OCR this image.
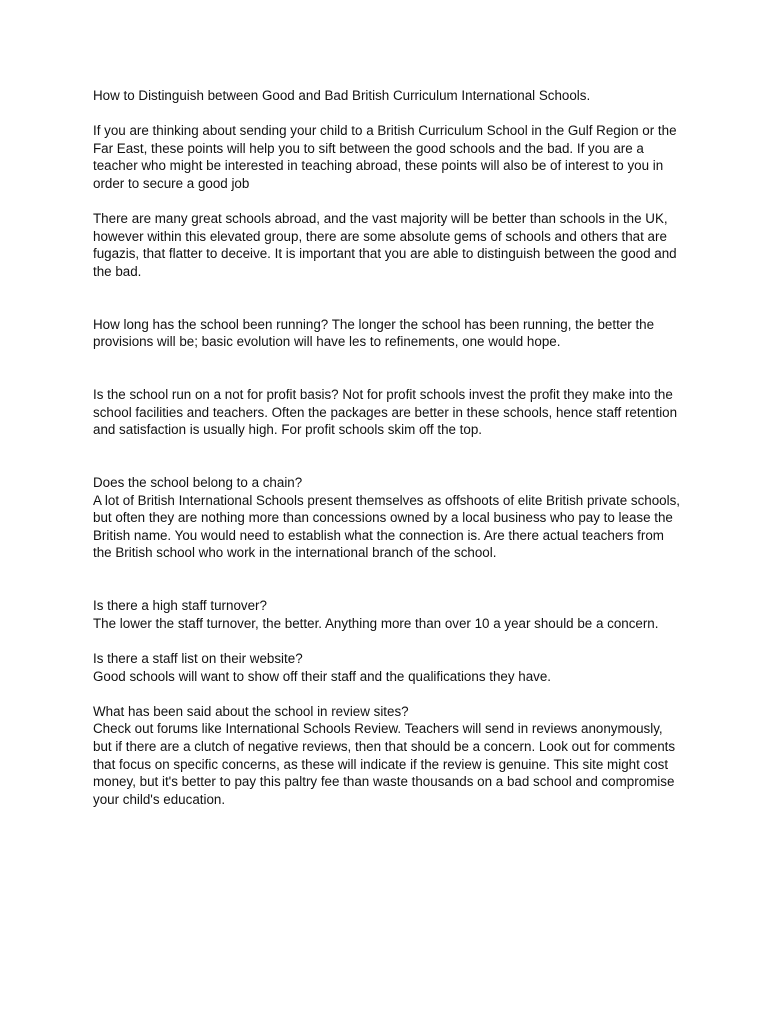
How to Distinguish between Good and Bad British Curriculum International Schools.

If you are thinking about sending your child to a British Curriculum School in the Gulf Region or the Far East, these points will help you to sift between the good schools and the bad. If you are a teacher who might be interested in teaching abroad, these points will also be of interest to you in order to secure a good job

There are many great schools abroad, and the vast majority will be better than schools in the UK, however within this elevated group, there are some absolute gems of schools and others that are fugazis, that flatter to deceive. It is important that you are able to distinguish between the good and the bad.

How long has the school been running? The longer the school has been running, the better the provisions will be; basic evolution will have les to refinements, one would hope.

Is the school run on a not for profit basis? Not for profit schools invest the profit they make into the school facilities and teachers. Often the packages are better in these schools, hence staff retention and satisfaction is usually high. For profit schools skim off the top.

Does the school belong to a chain?

A lot of British International Schools present themselves as offshoots of elite British private schools, but often they are nothing more than concessions owned by a local business who pay to lease the British name. You would need to establish what the connection is. Are there actual teachers from the British school who work in the international branch of the school.

Is there a high staff turnover?

The lower the staff turnover, the better. Anything more than over 10 a year should be a concern.

Is there a staff list on their website?

Good schools will want to show off their staff and the qualifications they have.

What has been said about the school in review sites?

Check out forums like International Schools Review. Teachers will send in reviews anonymously, but if there are a clutch of negative reviews, then that should be a concern. Look out for comments that focus on specific concerns, as these will indicate if the review is genuine. This site might cost money, but it's better to pay this paltry fee than waste thousands on a bad school and compromise your child's education.
